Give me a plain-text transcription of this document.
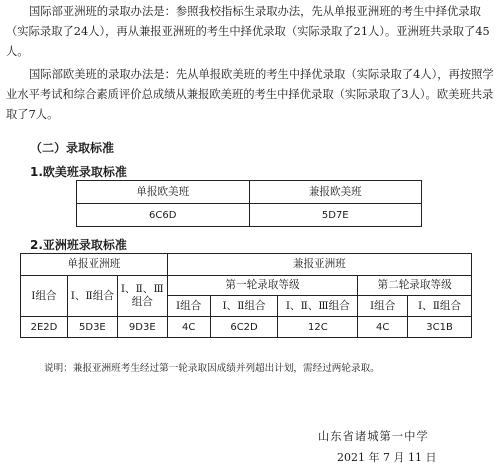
国际部亚洲班的录取办法是：参照我校指标生录取办法，先从单报亚洲班的考生中择优录取（实际录取了24人），再从兼报亚洲班的考生中择优录取（实际录取了21人）。亚洲班共录取了45人。

国际部欧美班的录取办法是：先从单报欧美班的考生中择优录取（实际录取了4人），再按照学业水平考试和综合素质评价总成绩从兼报欧美班的考生中择优录取（实际录取了3人）。欧美班共录取了7人。

（二）录取标准

1.欧美班录取标准

单报欧美班	兼报欧美班
6C6D	5D7E

2.亚洲班录取标准

单报亚洲班			兼报亚洲班				
Ⅰ组合	Ⅰ、Ⅱ组合	Ⅰ、Ⅱ、Ⅲ组合	第一轮录取等级			第二轮录取等级	
			Ⅰ组合	Ⅰ、Ⅱ组合	Ⅰ、Ⅱ、Ⅲ组合	Ⅰ组合	Ⅰ、Ⅱ组合
2E2D	5D3E	9D3E	4C	6C2D	12C	4C	3C1B

说明：兼报亚洲班考生经过第一轮录取因成绩并列超出计划，需经过两轮录取。

山东省诸城第一中学

2021 年 7 月 11 日
